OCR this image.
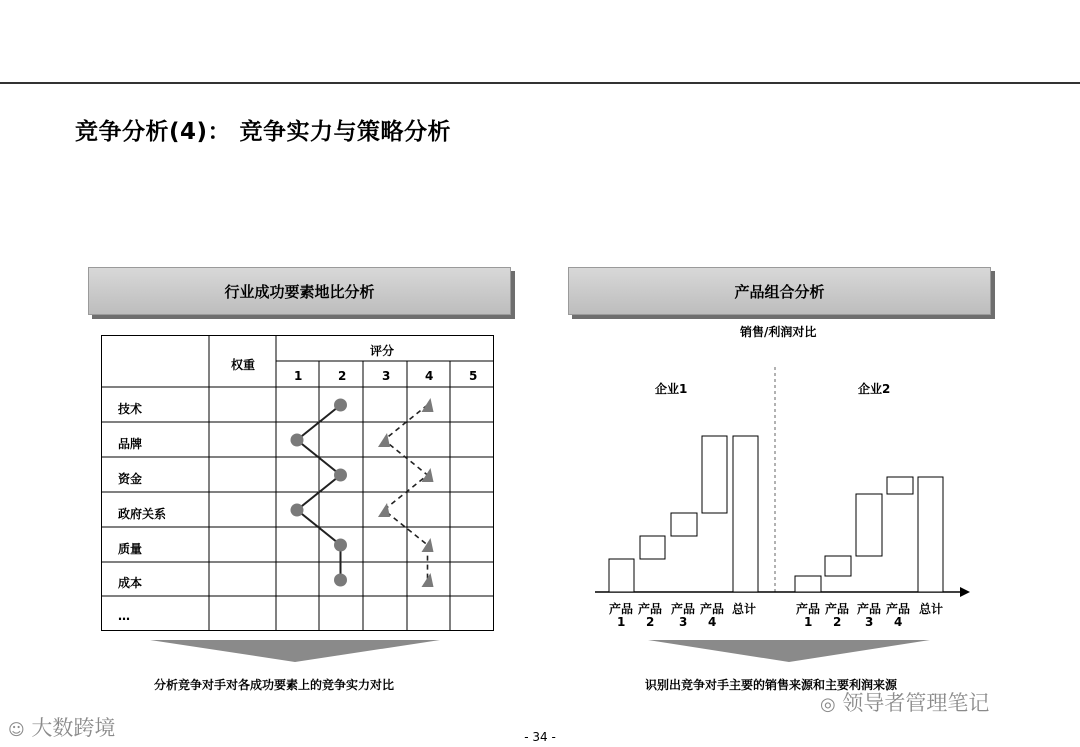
竞争分析(4)： 竞争实力与策略分析
行业成功要素地比分析
权重
评分
1	2	3	4	5
技术
品牌
资金
政府关系
质量
成本
…
分析竞争对手对各成功要素上的竞争实力对比
产品组合分析
销售/利润对比
企业1	企业2
产品
1
产品
2
产品
3
产品
4
总计	产品
1
产品
2
产品
3
产品
4
总计
识别出竞争对手主要的销售来源和主要利润来源
☺ 大数跨境
◎ 领导者管理笔记
- 34 -
